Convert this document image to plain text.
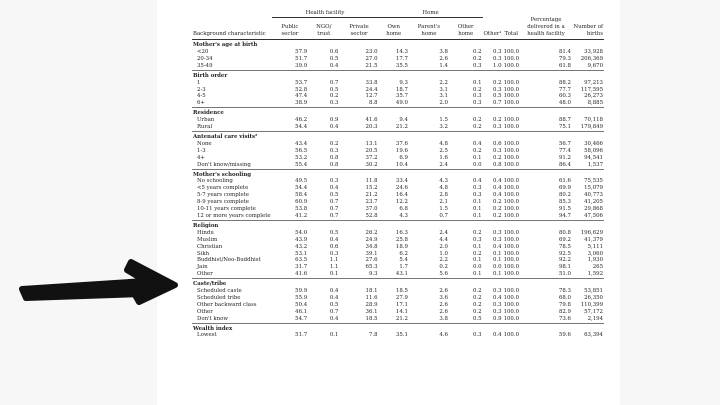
	Health facility			Home						
Background characteristic	Public sector	NGO/ trust	Private sector	Own home	Parent's home	Other home	Other¹	Total	Percentage delivered in a health facility	Number of births
Mother's age at birth										
<20	57.9	0.6	23.0	14.3	3.8	0.2	0.3	100.0	81.4	33,928
20-34	51.7	0.5	27.0	17.7	2.6	0.2	0.3	100.0	79.3	206,369
35-49	39.9	0.4	21.5	35.5	1.4	0.3	1.0	100.0	61.8	9,670
Birth order										
1	53.7	0.7	33.8	9.3	2.2	0.1	0.2	100.0	88.2	97,213
2-3	52.8	0.5	24.4	18.7	3.1	0.2	0.3	100.0	77.7	117,595
4-5	47.4	0.2	12.7	35.7	3.1	0.3	0.5	100.0	60.3	26,273
6+	38.9	0.3	8.8	49.0	2.0	0.3	0.7	100.0	48.0	8,885
Residence										
Urban	46.2	0.9	41.6	9.4	1.5	0.2	0.2	100.0	88.7	70,118
Rural	54.4	0.4	20.3	21.2	3.2	0.2	0.3	100.0	75.1	179,849
Antenatal care visits²										
None	43.4	0.2	13.1	37.6	4.8	0.4	0.6	100.0	56.7	30,466
1-3	56.5	0.3	20.5	19.6	2.5	0.2	0.3	100.0	77.4	58,096
4+	53.2	0.8	37.2	6.9	1.6	0.1	0.2	100.0	91.2	94,541
Don't know/missing	55.4	0.8	30.2	10.4	2.4	0.0	0.8	100.0	86.4	1,537
Mother's schooling										
No schooling	49.5	0.3	11.8	33.4	4.3	0.4	0.4	100.0	61.6	75,535
<5 years complete	54.4	0.4	15.2	24.6	4.8	0.3	0.4	100.0	69.9	15,079
5-7 years complete	58.4	0.5	21.2	16.4	2.8	0.3	0.4	100.0	80.2	40,773
8-9 years complete	60.9	0.7	23.7	12.2	2.1	0.1	0.2	100.0	85.3	41,205
10-11 years complete	53.8	0.7	37.0	6.8	1.5	0.1	0.2	100.0	91.5	29,868
12 or more years complete	41.2	0.7	52.8	4.3	0.7	0.1	0.2	100.0	94.7	47,506
Religion										
Hindu	54.0	0.5	26.2	16.3	2.4	0.2	0.3	100.0	80.8	196,629
Muslim	43.9	0.4	24.9	25.8	4.4	0.3	0.3	100.0	69.2	41,379
Christian	43.2	0.6	34.8	18.9	2.0	0.1	0.4	100.0	78.5	5,111
Sikh	53.1	0.3	39.1	6.2	1.0	0.2	0.1	100.0	92.5	3,060
Buddhist/Neo-Buddhist	63.5	1.1	27.6	5.4	2.2	0.1	0.1	100.0	92.2	1,930
Jain	31.7	1.1	65.3	1.7	0.2	0.0	0.0	100.0	98.1	265
Other	41.6	0.1	9.3	43.1	5.6	0.1	0.1	100.0	51.0	1,592
Caste/tribe										
Scheduled caste	59.9	0.4	18.1	18.5	2.6	0.2	0.3	100.0	78.3	53,851
Scheduled tribe	55.9	0.4	11.6	27.9	3.6	0.2	0.4	100.0	68.0	26,350
Other backward class	50.4	0.5	28.9	17.1	2.6	0.2	0.3	100.0	79.8	110,399
Other	46.1	0.7	36.1	14.1	2.6	0.2	0.3	100.0	82.9	57,172
Don't know	54.7	0.4	18.5	21.2	3.8	0.5	0.9	100.0	73.6	2,194
Wealth index										
Lowest	51.7	0.1	7.8	35.1	4.6	0.3	0.4	100.0	59.6	63,394
